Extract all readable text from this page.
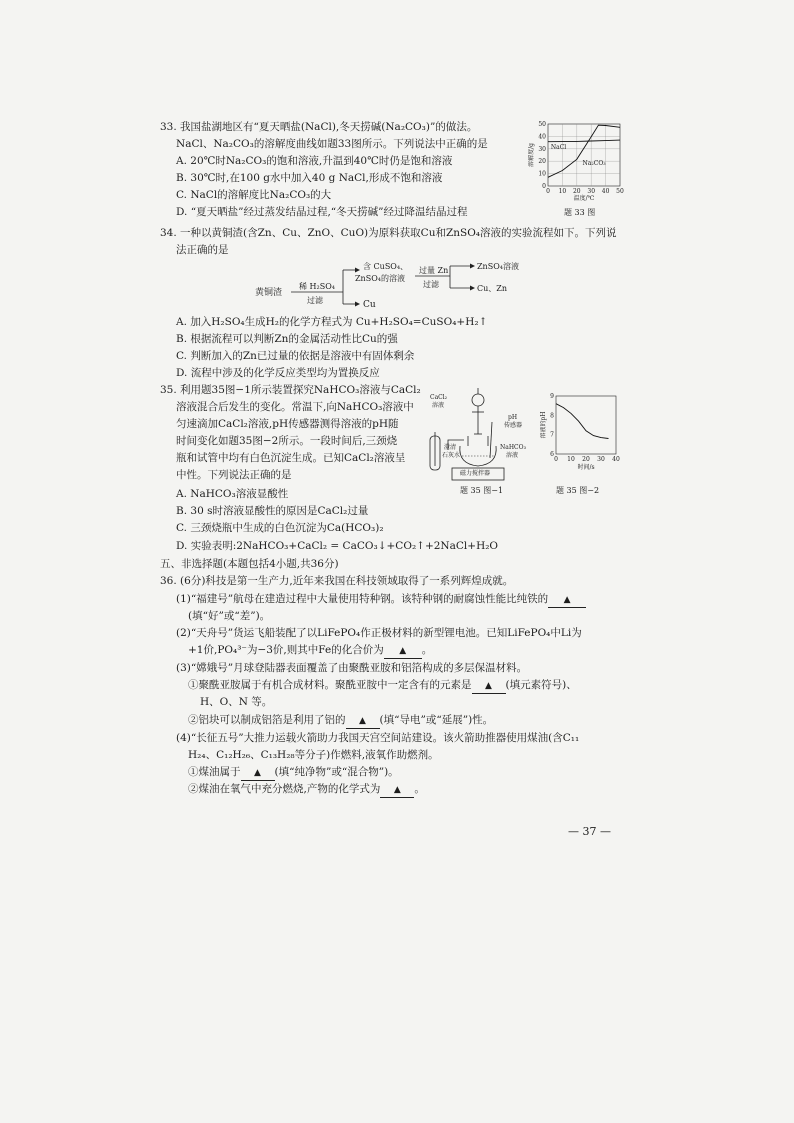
33. 我国盐湖地区有“夏天晒盐(NaCl),冬天捞碱(Na₂CO₃)”的做法。
NaCl、Na₂CO₃的溶解度曲线如题33图所示。下列说法中正确的是
A. 20℃时Na₂CO₃的饱和溶液,升温到40℃时仍是饱和溶液
B. 30℃时,在100 g水中加入40 g NaCl,形成不饱和溶液
C. NaCl的溶解度比Na₂CO₃的大
D. “夏天晒盐”经过蒸发结晶过程,“冬天捞碱”经过降温结晶过程
0
10
20
30
40
50
0 10 20 30 40 50
温度/℃
溶解度/g	NaCl
Na₂CO₃
题 33 图
34. 一种以黄铜渣(含Zn、Cu、ZnO、CuO)为原料获取Cu和ZnSO₄溶液的实验流程如下。下列说
法正确的是
黄铜渣
稀 H₂SO₄
过滤
含 CuSO₄、
ZnSO₄的溶液
Cu
过量 Zn
过滤
ZnSO₄溶液
Cu、Zn
A. 加入H₂SO₄生成H₂的化学方程式为 Cu+H₂SO₄=CuSO₄+H₂↑
B. 根据流程可以判断Zn的金属活动性比Cu的强
C. 判断加入的Zn已过量的依据是溶液中有固体剩余
D. 流程中涉及的化学反应类型均为置换反应
35. 利用题35图−1所示装置探究NaHCO₃溶液与CaCl₂
溶液混合后发生的变化。常温下,向NaHCO₃溶液中
匀速滴加CaCl₂溶液,pH传感器测得溶液的pH随
时间变化如题35图−2所示。一段时间后,三颈烧
瓶和试管中均有白色沉淀生成。已知CaCl₂溶液呈
中性。下列说法正确的是
A. NaHCO₃溶液显酸性
B. 30 s时溶液显酸性的原因是CaCl₂过量
C. 三颈烧瓶中生成的白色沉淀为Ca(HCO₃)₂
D. 实验表明:2NaHCO₃+CaCl₂ = CaCO₃↓+CO₂↑+2NaCl+H₂O
CaCl₂
溶液
pH
传感器
澄清
石灰水
NaHCO₃
溶液
磁力搅拌器
题 35 图−1
6
7
8
9
0 10 20 30 40
时间/s
溶液的pH
题 35 图−2
五、非选择题(本题包括4小题,共36分)
36. (6分)科技是第一生产力,近年来我国在科技领域取得了一系列辉煌成就。
(1)“福建号”航母在建造过程中大量使用特种钢。该特种钢的耐腐蚀性能比纯铁的 ▲
(填“好”或“差”)。
(2)“天舟号”货运飞船装配了以LiFePO₄作正极材料的新型锂电池。已知LiFePO₄中Li为
+1价,PO₄³⁻为−3价,则其中Fe的化合价为 ▲ 。
(3)“嫦娥号”月球登陆器表面覆盖了由聚酰亚胺和铝箔构成的多层保温材料。
①聚酰亚胺属于有机合成材料。聚酰亚胺中一定含有的元素是 ▲ (填元素符号)、
H、O、N 等。
②铝块可以制成铝箔是利用了铝的 ▲ (填“导电”或“延展”)性。
(4)“长征五号”大推力运载火箭助力我国天宫空间站建设。该火箭助推器使用煤油(含C₁₁
H₂₄、C₁₂H₂₆、C₁₃H₂₈等分子)作燃料,液氧作助燃剂。
①煤油属于 ▲ (填“纯净物”或“混合物”)。
②煤油在氧气中充分燃烧,产物的化学式为 ▲ 。
— 37 —
